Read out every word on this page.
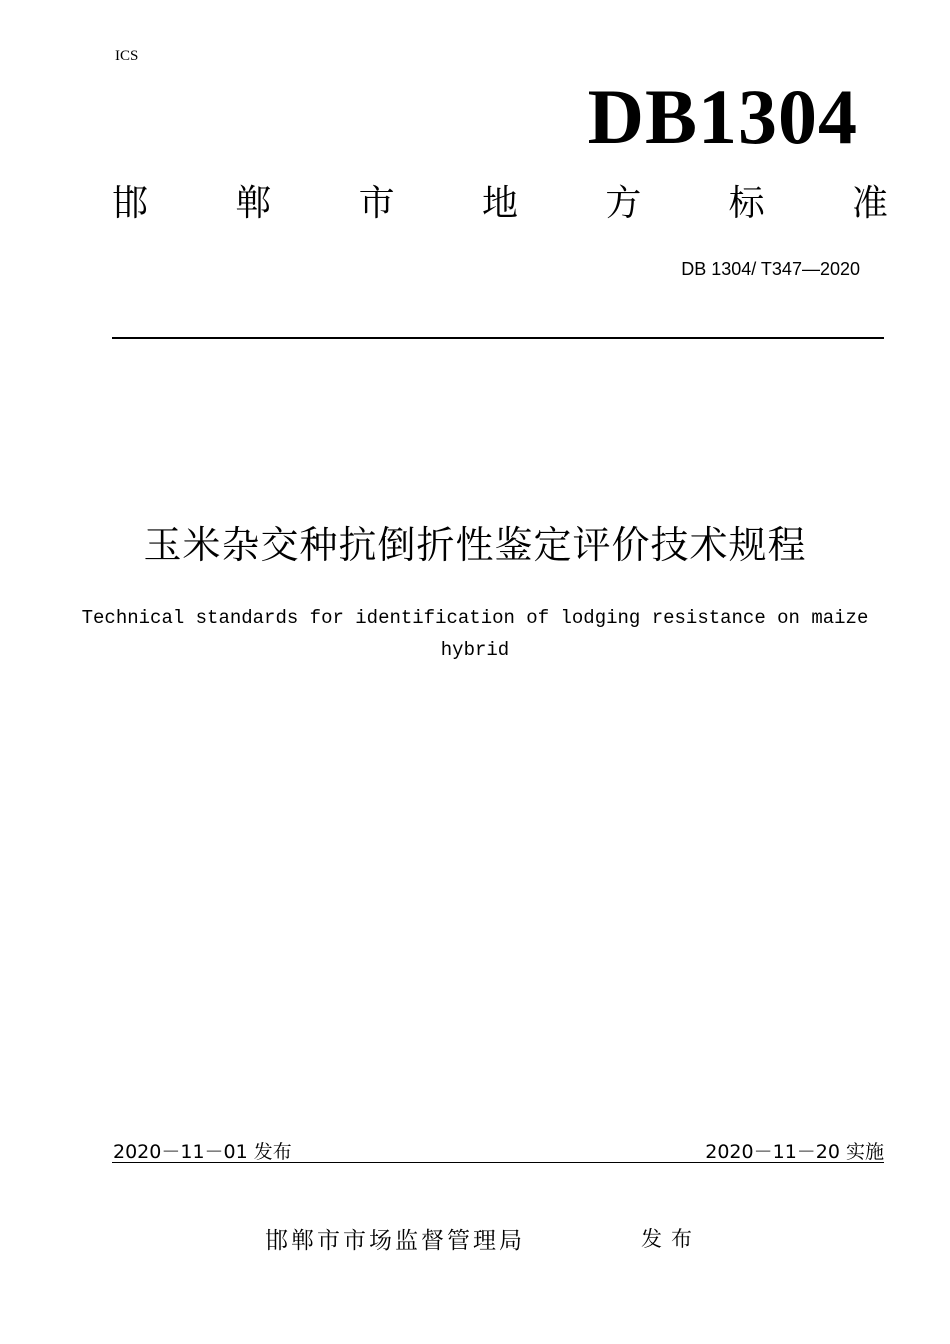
ICS
DB1304
邯 郸 市 地 方 标 准
DB 1304/ T347—2020
玉米杂交种抗倒折性鉴定评价技术规程
Technical standards for identification of lodging resistance on maize hybrid
2020－11－01 发布	2020－11－20 实施
邯郸市市场监督管理局	发布
